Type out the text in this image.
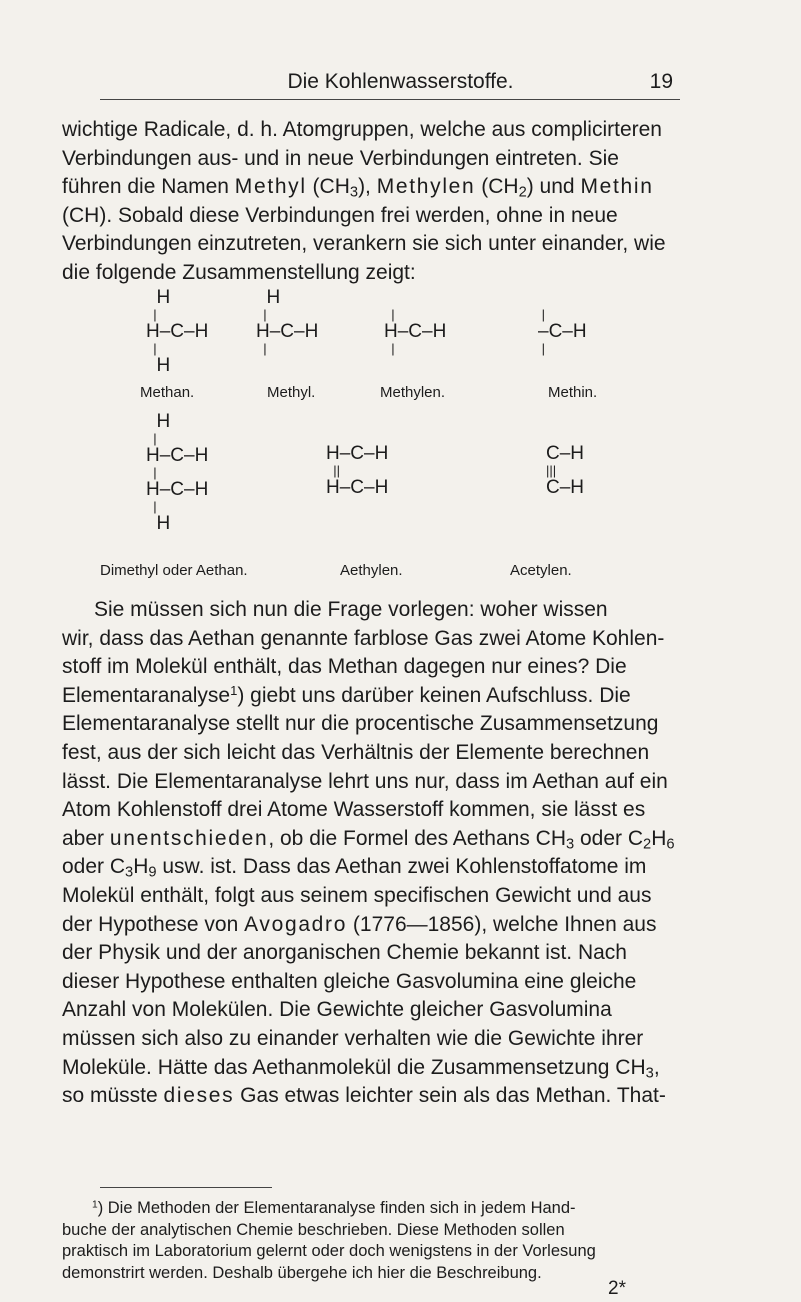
Die Kohlenwasserstoffe.	19

wichtige Radicale, d. h. Atomgruppen, welche aus complicirteren

Verbindungen aus- und in neue Verbindungen eintreten. Sie

führen die Namen Methyl $(CH_3)$, Methylen $(CH_2)$ und Methin

(CH). Sobald diese Verbindungen frei werden, ohne in neue

Verbindungen einzutreten, verankern sie sich unter einander, wie

die folgende Zusammenstellung zeigt:

H
|
H–C–H
|
H
Methan.
H
|
H–C–H
|
Methyl.
|
H–C–H
|
Methylen.
|
–C–H
|
Methin.
H
|
H–C–H
|
H–C–H
|
H
Dimethyl oder Aethan.
H–C–H
||
H–C–H
Aethylen.
C–H
|||
C–H
Acetylen.

Sie müssen sich nun die Frage vorlegen: woher wissen

wir, dass das Aethan genannte farblose Gas zwei Atome Kohlen-

stoff im Molekül enthält, das Methan dagegen nur eines? Die

Elementaranalyse$^1$) giebt uns darüber keinen Aufschluss. Die

Elementaranalyse stellt nur die procentische Zusammensetzung

fest, aus der sich leicht das Verhältnis der Elemente berechnen

lässt. Die Elementaranalyse lehrt uns nur, dass im Aethan auf ein

Atom Kohlenstoff drei Atome Wasserstoff kommen, sie lässt es

aber unentschieden, ob die Formel des Aethans $CH_3$ oder $C_2H_6$

oder $C_3H_9$ usw. ist. Dass das Aethan zwei Kohlenstoffatome im

Molekül enthält, folgt aus seinem specifischen Gewicht und aus

der Hypothese von Avogadro (1776—1856), welche Ihnen aus

der Physik und der anorganischen Chemie bekannt ist. Nach

dieser Hypothese enthalten gleiche Gasvolumina eine gleiche

Anzahl von Molekülen. Die Gewichte gleicher Gasvolumina

müssen sich also zu einander verhalten wie die Gewichte ihrer

Moleküle. Hätte das Aethanmolekül die Zusammensetzung $CH_3$,

so müsste dieses Gas etwas leichter sein als das Methan. That-

$^1$) Die Methoden der Elementaranalyse finden sich in jedem Hand-

buche der analytischen Chemie beschrieben. Diese Methoden sollen

praktisch im Laboratorium gelernt oder doch wenigstens in der Vorlesung

demonstrirt werden. Deshalb übergehe ich hier die Beschreibung.

2*
